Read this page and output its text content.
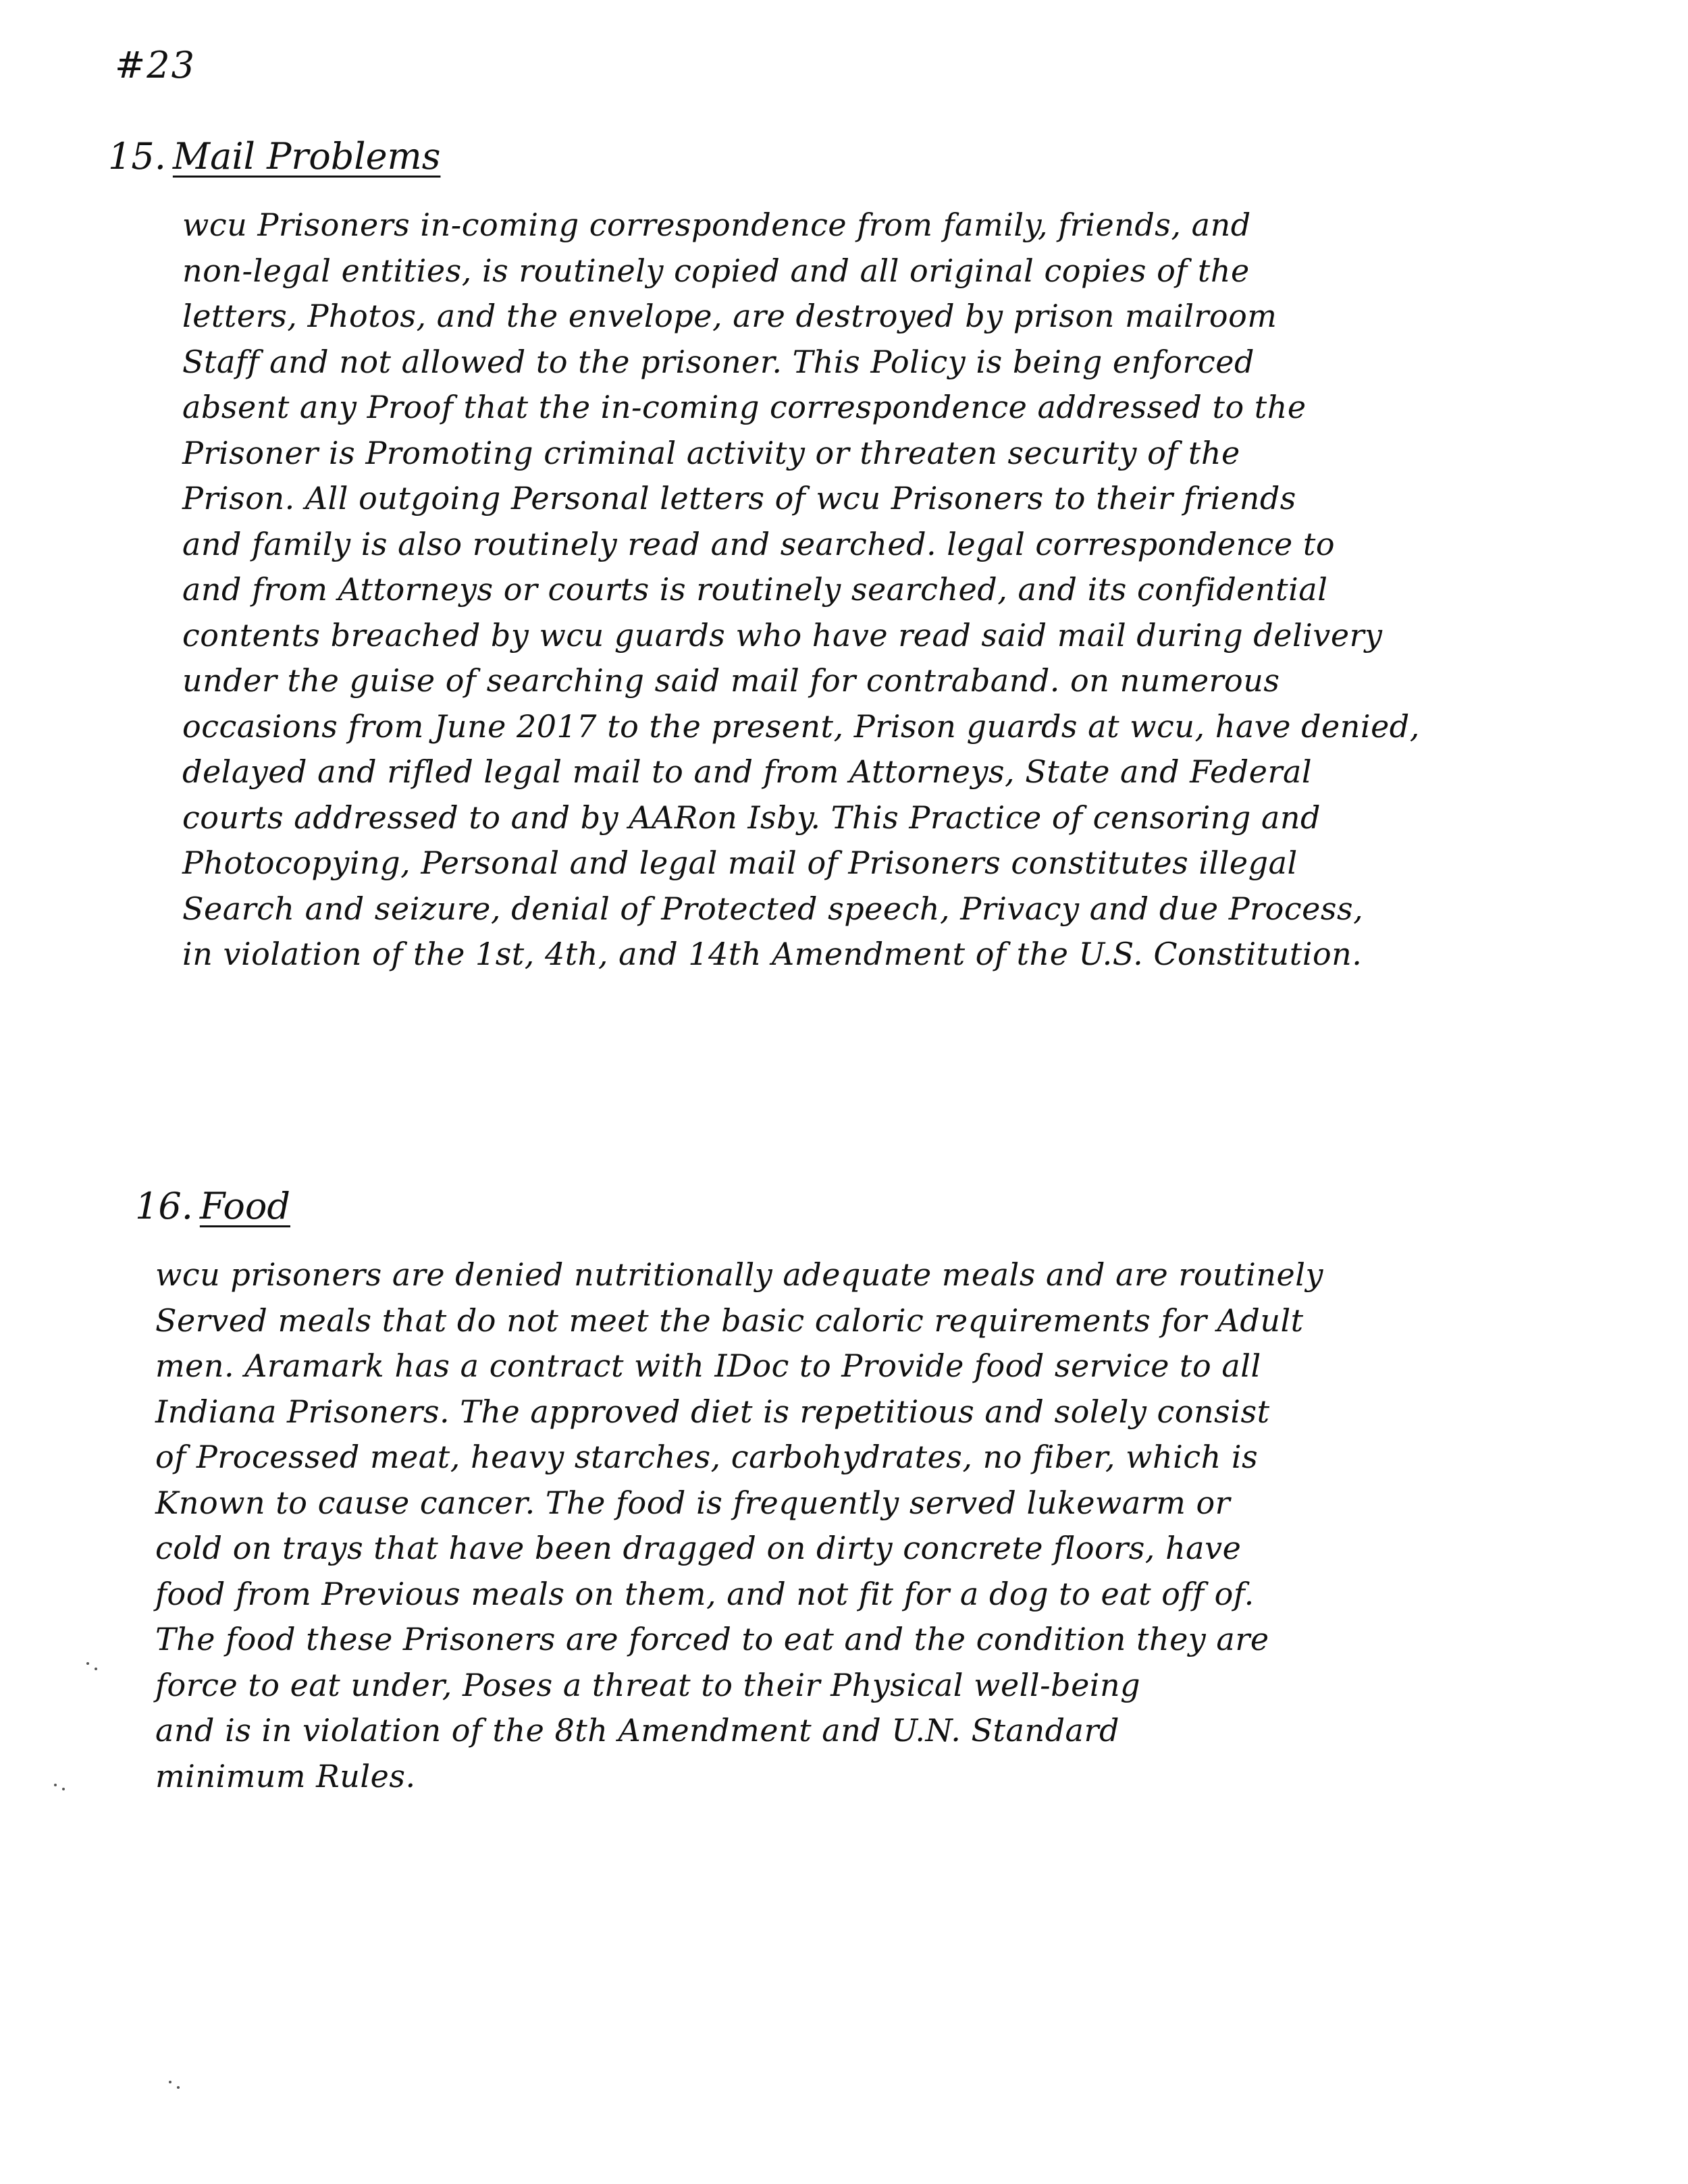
#23
15. Mail Problems

wcu Prisoners in-coming correspondence from family, friends, and
non-legal entities, is routinely copied and all original copies of the
letters, Photos, and the envelope, are destroyed by prison mailroom
Staff and not allowed to the prisoner. This Policy is being enforced
absent any Proof that the in-coming correspondence addressed to the
Prisoner is Promoting criminal activity or threaten security of the
Prison. All outgoing Personal letters of wcu Prisoners to their friends
and family is also routinely read and searched. legal correspondence to
and from Attorneys or courts is routinely searched, and its confidential
contents breached by wcu guards who have read said mail during delivery
under the guise of searching said mail for contraband. on numerous
occasions from June 2017 to the present, Prison guards at wcu, have denied,
delayed and rifled legal mail to and from Attorneys, State and Federal
courts addressed to and by AARon Isby. This Practice of censoring and
Photocopying, Personal and legal mail of Prisoners constitutes illegal
Search and seizure, denial of Protected speech, Privacy and due Process,
in violation of the 1st, 4th, and 14th Amendment of the U.S. Constitution.

16. Food

wcu prisoners are denied nutritionally adequate meals and are routinely
Served meals that do not meet the basic caloric requirements for Adult
men. Aramark has a contract with IDoc to Provide food service to all
Indiana Prisoners. The approved diet is repetitious and solely consist
of Processed meat, heavy starches, carbohydrates, no fiber, which is
Known to cause cancer. The food is frequently served lukewarm or
cold on trays that have been dragged on dirty concrete floors, have
food from Previous meals on them, and not fit for a dog to eat off of.
The food these Prisoners are forced to eat and the condition they are
force to eat under, Poses a threat to their Physical well-being
and is in violation of the 8th Amendment and U.N. Standard
minimum Rules.
